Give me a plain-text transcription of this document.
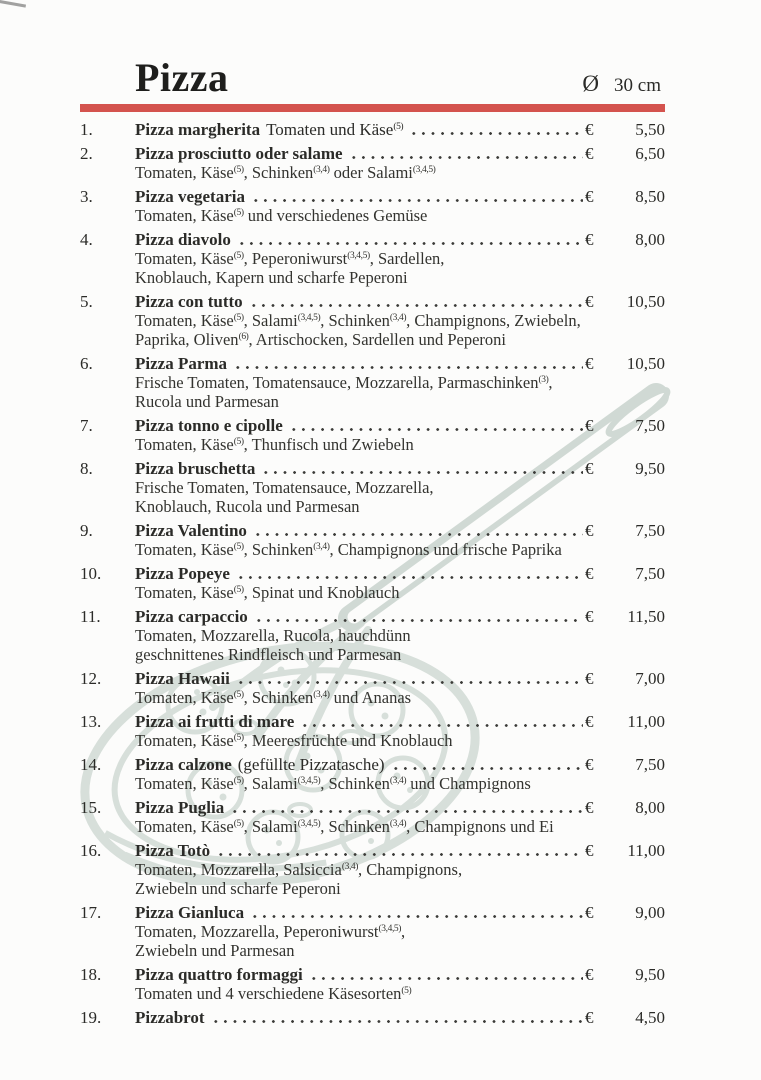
Pizza	Ø 30 cm
1.	Pizza margherita Tomaten und Käse$^{(5)}$	€	5,50
2.	Pizza prosciutto oder salame	€	6,50
Tomaten, Käse$^{(5)}$, Schinken$^{(3,4)}$ oder Salami$^{(3,4,5)}$
3.	Pizza vegetaria	€	8,50
Tomaten, Käse$^{(5)}$ und verschiedenes Gemüse
4.	Pizza diavolo	€	8,00
Tomaten, Käse$^{(5)}$, Peperoniwurst$^{(3,4,5)}$, Sardellen,
Knoblauch, Kapern und scharfe Peperoni
5.	Pizza con tutto	€	10,50
Tomaten, Käse$^{(5)}$, Salami$^{(3,4,5)}$, Schinken$^{(3,4)}$, Champignons, Zwiebeln,
Paprika, Oliven$^{(6)}$, Artischocken, Sardellen und Peperoni
6.	Pizza Parma	€	10,50
Frische Tomaten, Tomatensauce, Mozzarella, Parmaschinken$^{(3)}$,
Rucola und Parmesan
7.	Pizza tonno e cipolle	€	7,50
Tomaten, Käse$^{(5)}$, Thunfisch und Zwiebeln
8.	Pizza bruschetta	€	9,50
Frische Tomaten, Tomatensauce, Mozzarella,
Knoblauch, Rucola und Parmesan
9.	Pizza Valentino	€	7,50
Tomaten, Käse$^{(5)}$, Schinken$^{(3,4)}$, Champignons und frische Paprika
10.	Pizza Popeye	€	7,50
Tomaten, Käse$^{(5)}$, Spinat und Knoblauch
11.	Pizza carpaccio	€	11,50
Tomaten, Mozzarella, Rucola, hauchdünn
geschnittenes Rindfleisch und Parmesan
12.	Pizza Hawaii	€	7,00
Tomaten, Käse$^{(5)}$, Schinken$^{(3,4)}$ und Ananas
13.	Pizza ai frutti di mare	€	11,00
Tomaten, Käse$^{(5)}$, Meeresfrüchte und Knoblauch
14.	Pizza calzone (gefüllte Pizzatasche)	€	7,50
Tomaten, Käse$^{(5)}$, Salami$^{(3,4,5)}$, Schinken$^{(3,4)}$ und Champignons
15.	Pizza Puglia	€	8,00
Tomaten, Käse$^{(5)}$, Salami$^{(3,4,5)}$, Schinken$^{(3,4)}$, Champignons und Ei
16.	Pizza Totò	€	11,00
Tomaten, Mozzarella, Salsiccia$^{(3,4)}$, Champignons,
Zwiebeln und scharfe Peperoni
17.	Pizza Gianluca	€	9,00
Tomaten, Mozzarella, Peperoniwurst$^{(3,4,5)}$,
Zwiebeln und Parmesan
18.	Pizza quattro formaggi	€	9,50
Tomaten und 4 verschiedene Käsesorten$^{(5)}$
19.	Pizzabrot	€	4,50
